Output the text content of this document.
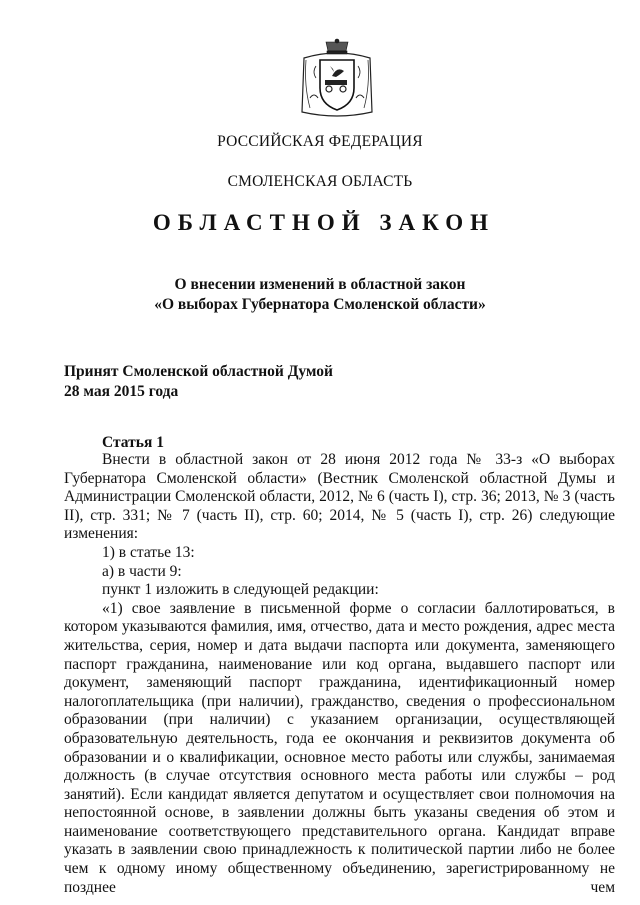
РОССИЙСКАЯ ФЕДЕРАЦИЯ
СМОЛЕНСКАЯ ОБЛАСТЬ
ОБЛАСТНОЙ ЗАКОН
О внесении изменений в областной закон
«О выборах Губернатора Смоленской области»
Принят Смоленской областной Думой
28 мая 2015 года
Статья 1

Внести в областной закон от 28 июня 2012 года № 33-з «О выборах Губернатора Смоленской области» (Вестник Смоленской областной Думы и Администрации Смоленской области, 2012, № 6 (часть I), стр. 36; 2013, № 3 (часть II), стр. 331; № 7 (часть II), стр. 60; 2014, № 5 (часть I), стр. 26) следующие изменения:

1) в статье 13:

а) в части 9:

пункт 1 изложить в следующей редакции:

«1) свое заявление в письменной форме о согласии баллотироваться, в котором указываются фамилия, имя, отчество, дата и место рождения, адрес места жительства, серия, номер и дата выдачи паспорта или документа, заменяющего паспорт гражданина, наименование или код органа, выдавшего паспорт или документ, заменяющий паспорт гражданина, идентификационный номер налогоплательщика (при наличии), гражданство, сведения о профессиональном образовании (при наличии) с указанием организации, осуществляющей образовательную деятельность, года ее окончания и реквизитов документа об образовании и о квалификации, основное место работы или службы, занимаемая должность (в случае отсутствия основного места работы или службы – род занятий). Если кандидат является депутатом и осуществляет свои полномочия на непостоянной основе, в заявлении должны быть указаны сведения об этом и наименование соответствующего представительного органа. Кандидат вправе указать в заявлении свою принадлежность к политической партии либо не более чем к одному иному общественному объединению, зарегистрированному не позднее чем
